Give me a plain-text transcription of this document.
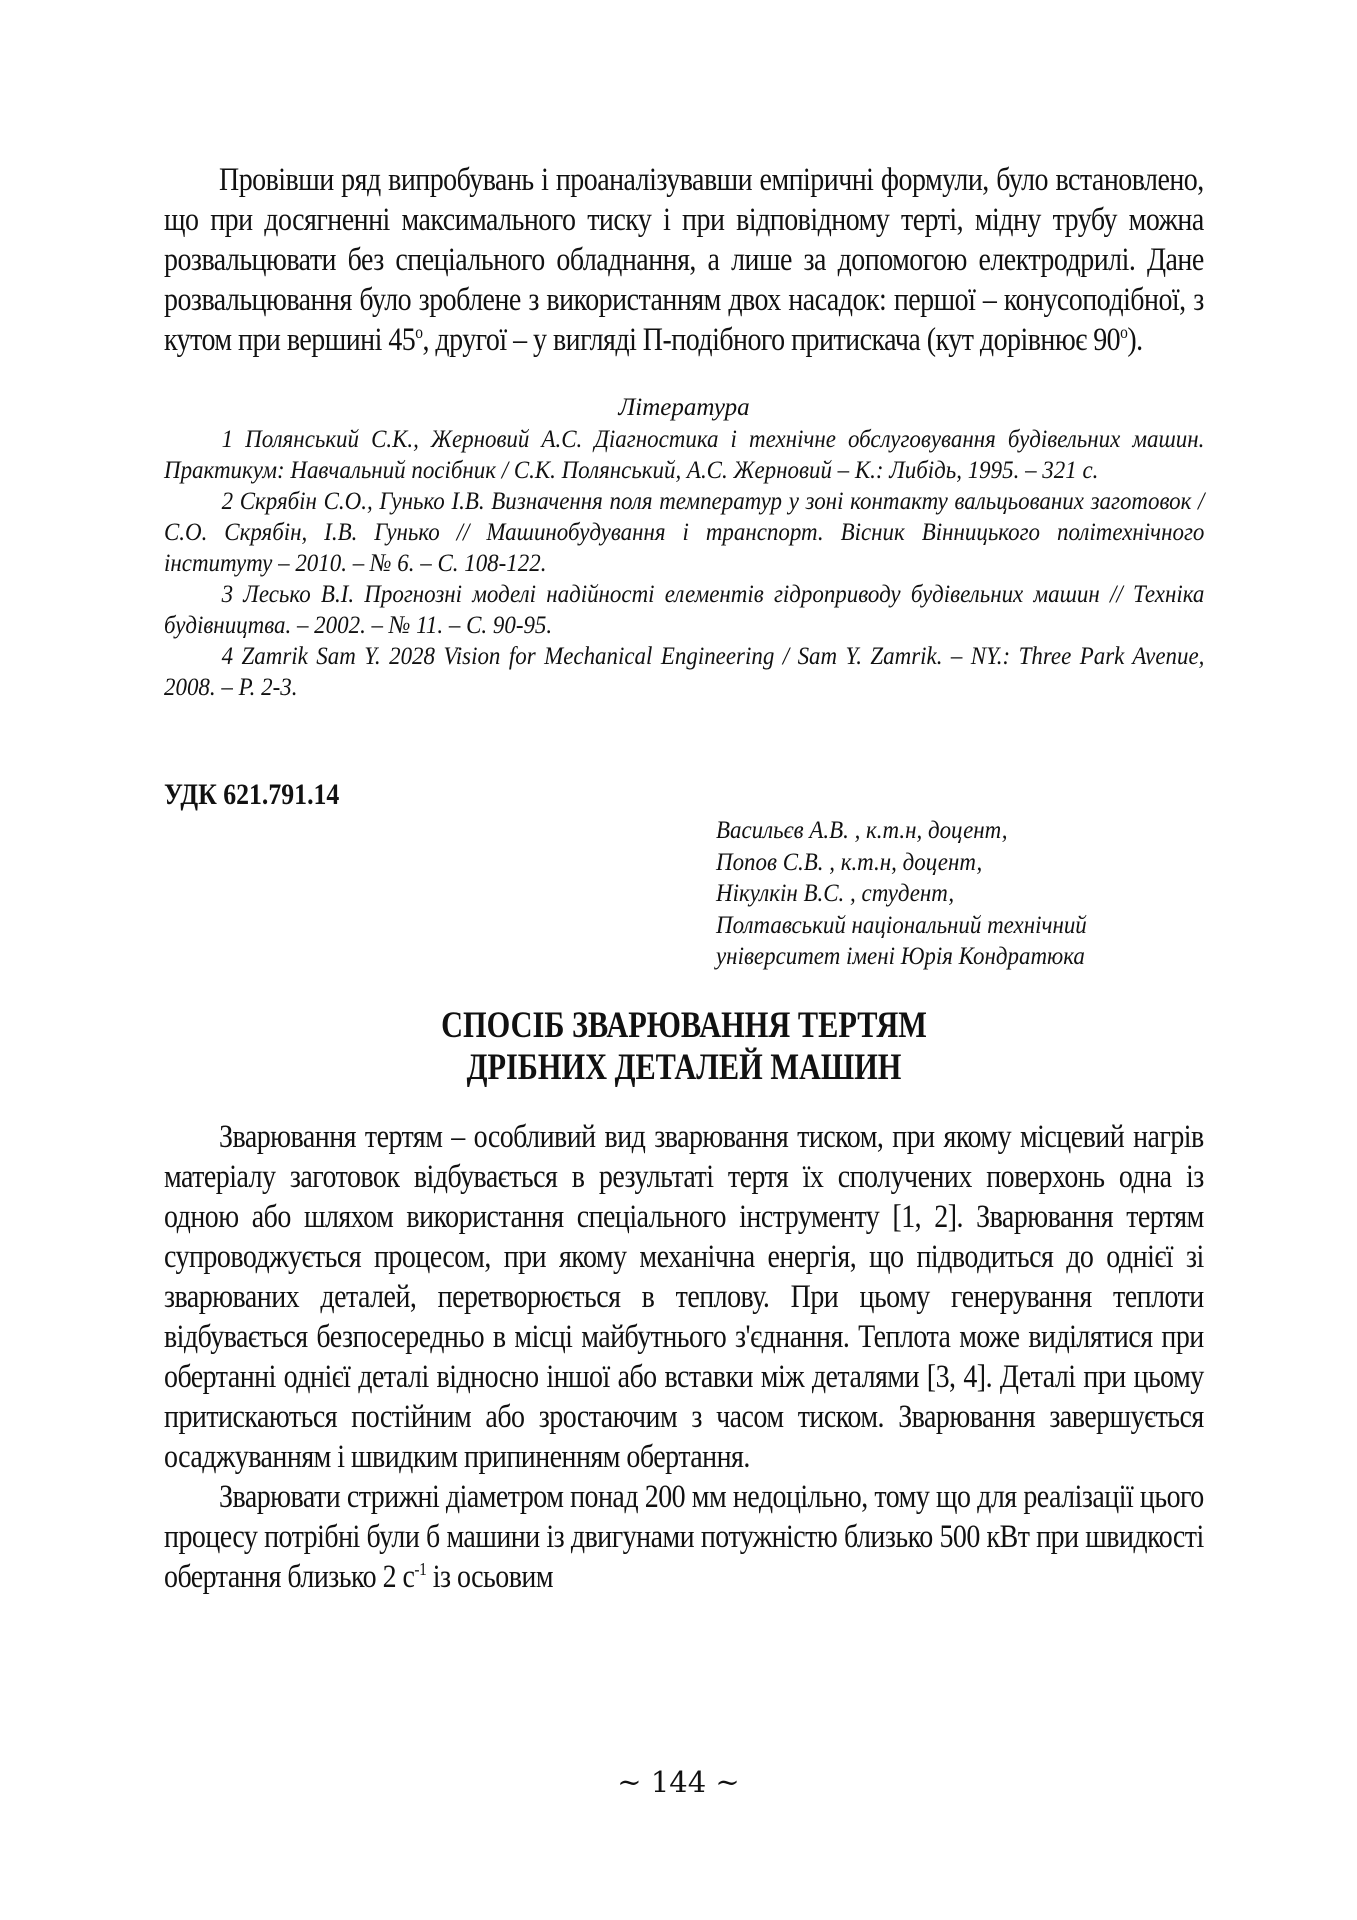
Провівши ряд випробувань і проаналізувавши емпіричні формули, було встановлено, що при досягненні максимального тиску і при відповідному терті, мідну трубу можна розвальцювати без спеціального обладнання, а лише за допомогою електродрилі. Дане розвальцювання було зроблене з використанням двох насадок: першої – конусоподібної, з кутом при вершині 45$^o$, другої – у вигляді П-подібного притискача (кут дорівнює 90$^o$).

Література

1 Полянський С.К., Жерновий А.С. Діагностика і технічне обслуговування будівельних машин. Практикум: Навчальний посібник / С.К. Полянський, А.С. Жерновий – К.: Либідь, 1995. – 321 с.

2 Скрябін С.О., Гунько І.В. Визначення поля температур у зоні контакту вальцьованих заготовок / С.О. Скрябін, І.В. Гунько // Машинобудування і транспорт. Вісник Вінницького політехнічного інституту – 2010. – № 6. – С. 108-122.

3 Лесько В.І. Прогнозні моделі надійності елементів гідроприводу будівельних машин // Техніка будівництва. – 2002. – № 11. – С. 90-95.

4 Zamrik Sam Y. 2028 Vision for Mechanical Engineering / Sam Y. Zamrik. – NY.: Three Park Avenue, 2008. – P. 2-3.

УДК 621.791.14

Васильєв А.В. , к.т.н, доцент,

Попов С.В. , к.т.н, доцент,

Нікулкін В.С. , студент,

Полтавський національний технічний

університет імені Юрія Кондратюка

СПОСІБ ЗВАРЮВАННЯ ТЕРТЯМ

ДРІБНИХ ДЕТАЛЕЙ МАШИН

Зварювання тертям – особливий вид зварювання тиском, при якому місцевий нагрів матеріалу заготовок відбувається в результаті тертя їх сполучених поверхонь одна із одною або шляхом використання спеціального інструменту [1, 2]. Зварювання тертям супроводжується процесом, при якому механічна енергія, що підводиться до однієї зі зварюваних деталей, перетворюється в теплову. При цьому генерування теплоти відбувається безпосередньо в місці майбутнього з'єднання. Теплота може виділятися при обертанні однієї деталі відносно іншої або вставки між деталями [3, 4]. Деталі при цьому притискаються постійним або зростаючим з часом тиском. Зварювання завершується осаджуванням і швидким припиненням обертання.

Зварювати стрижні діаметром понад 200 мм недоцільно, тому що для реалізації цього процесу потрібні були б машини із двигунами потужністю близько 500 кВт при швидкості обертання близько 2 $с^{-1}$ із осьовим

~ 144 ~
